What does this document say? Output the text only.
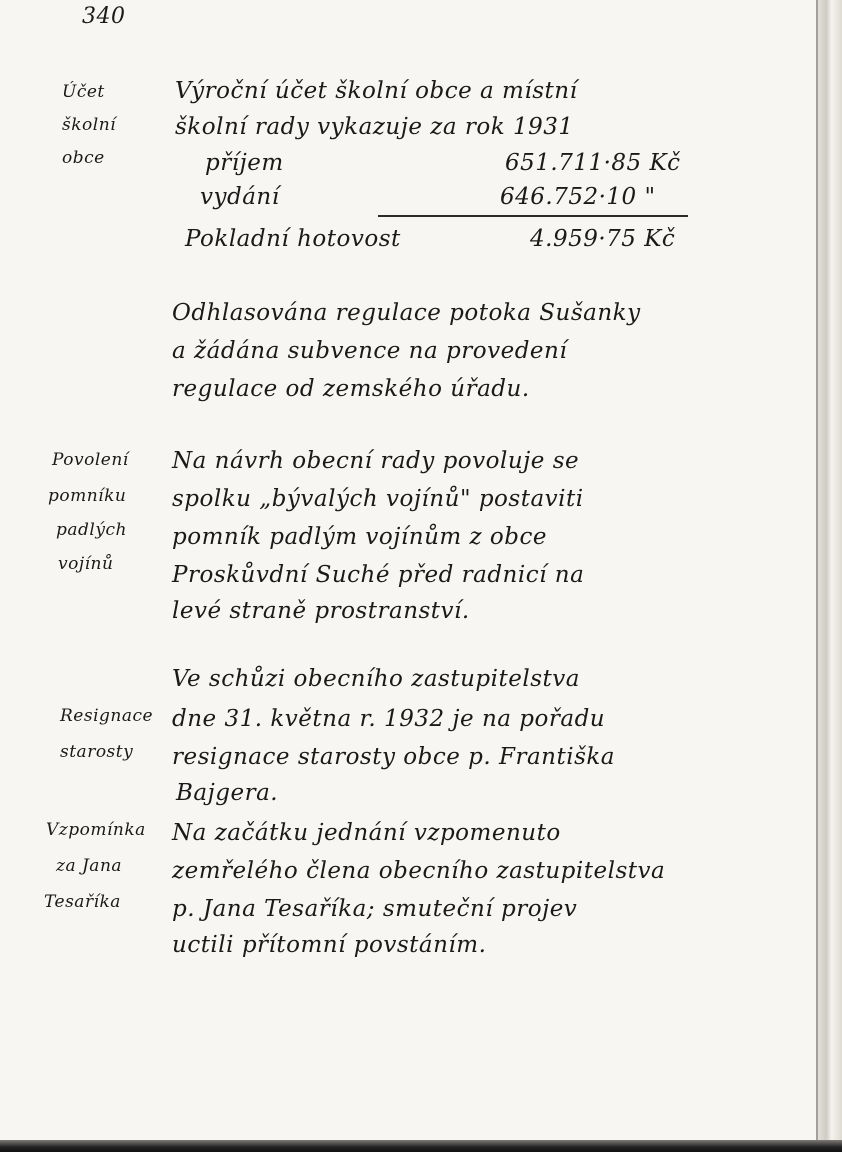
340
Účet
školní
obce
Povolení
pomníku
padlých
vojínů
Resignace
starosty
Vzpomínka
za Jana
Tesaříka
Výroční účet školní obce a místní
školní rady vykazuje za rok 1931
příjem	651.711·85 Kč
vydání	646.752·10 "
Pokladní hotovost	4.959·75 Kč
Odhlasována regulace potoka Sušanky
a žádána subvence na provedení
regulace od zemského úřadu.
Na návrh obecní rady povoluje se
spolku „bývalých vojínů" postaviti
pomník padlým vojínům z obce
Proskůvdní Suché před radnicí na
levé straně prostranství.
Ve schůzi obecního zastupitelstva
dne 31. května r. 1932 je na pořadu
resignace starosty obce p. Františka
Bajgera.
Na začátku jednání vzpomenuto
zemřelého člena obecního zastupitelstva
p. Jana Tesaříka; smuteční projev
uctili přítomní povstáním.
